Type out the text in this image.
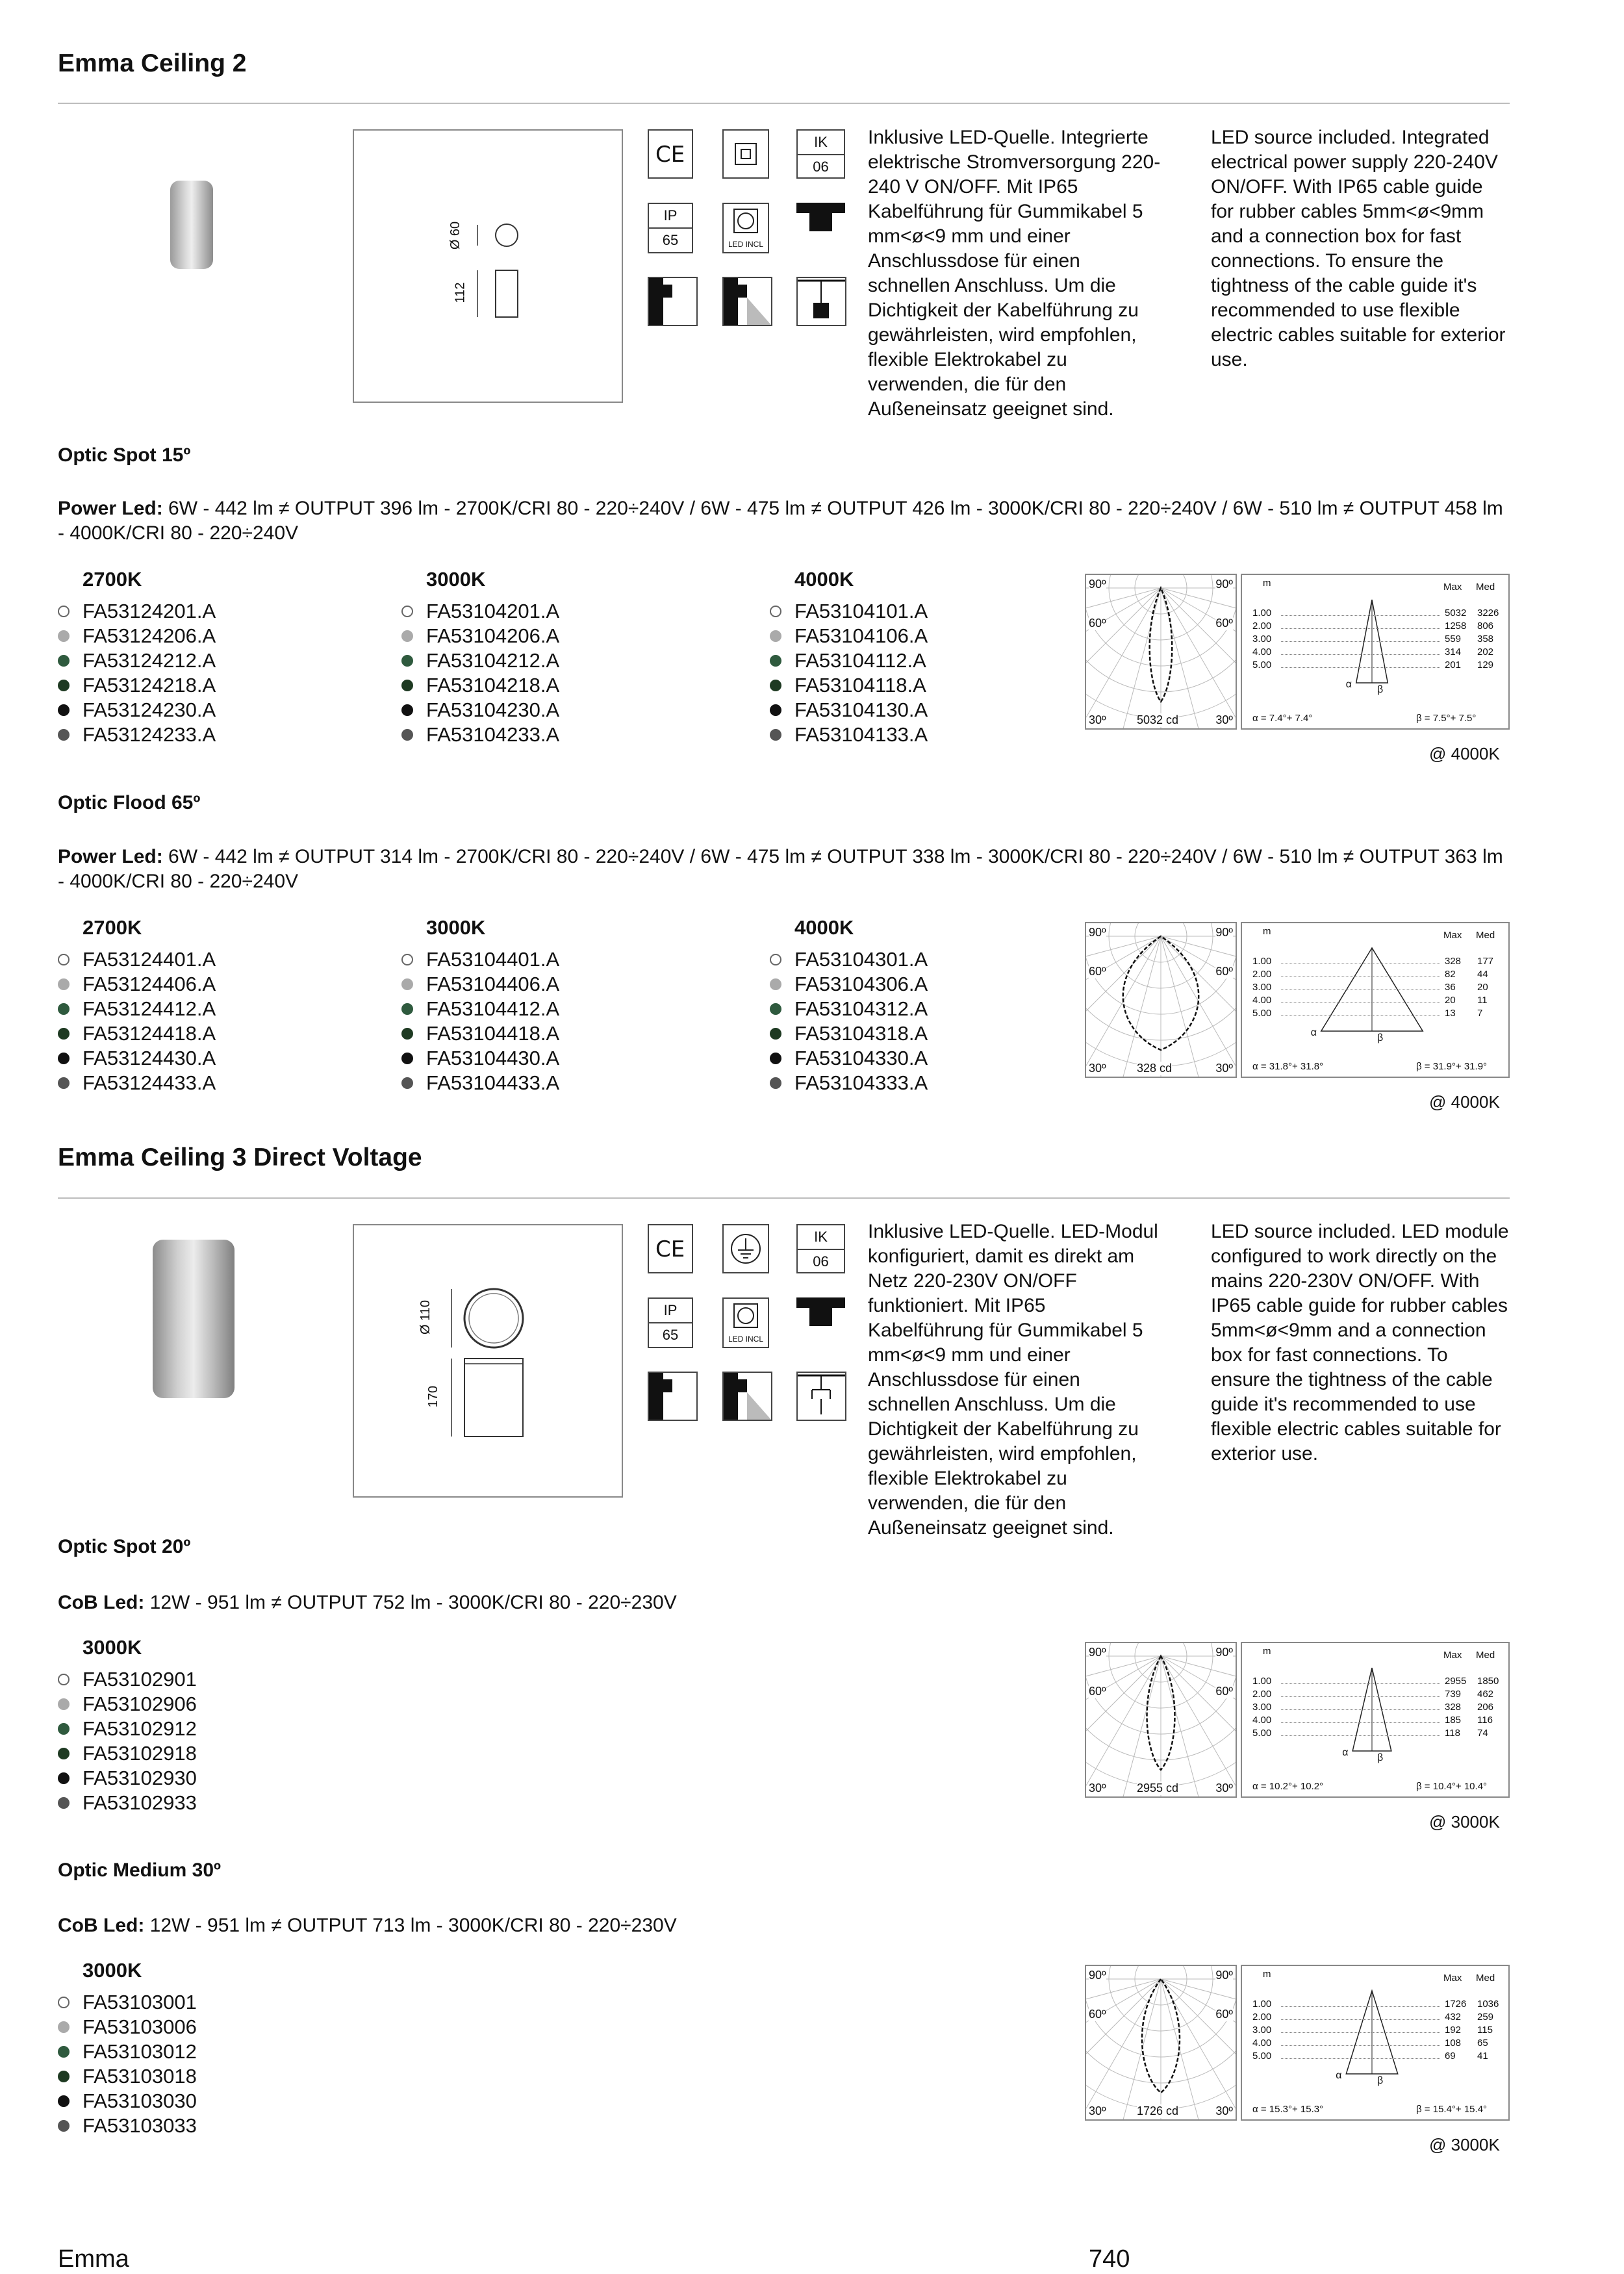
Emma Ceiling 2
Ø 60
112
CE	IK
06
IP
65	LED INCL
Inklusive LED-Quelle. Integrierte elektrische Stromversorgung 220-240 V ON/OFF. Mit IP65 Kabelführung für Gummikabel 5 mm<ø<9 mm und einer Anschlussdose für einen schnellen Anschluss. Um die Dichtigkeit der Kabelführung zu gewährleisten, wird empfohlen, flexible Elektrokabel zu verwenden, die für den Außeneinsatz geeignet sind.
LED source included. Integrated electrical power supply 220-240V ON/OFF. With IP65 cable guide for rubber cables 5mm<ø<9mm and a connection box for fast connections. To ensure the tightness of the cable guide it's recommended to use flexible electric cables suitable for exterior use.
Optic Spot 15º
Power Led: 6W - 442 lm ≠ OUTPUT 396 lm - 2700K/CRI 80 - 220÷240V / 6W - 475 lm ≠ OUTPUT 426 lm - 3000K/CRI 80 - 220÷240V / 6W - 510 lm ≠ OUTPUT 458 lm - 4000K/CRI 80 - 220÷240V
Optic Flood 65º
Power Led: 6W - 442 lm ≠ OUTPUT 314 lm - 2700K/CRI 80 - 220÷240V / 6W - 475 lm ≠ OUTPUT 338 lm - 3000K/CRI 80 - 220÷240V / 6W - 510 lm ≠ OUTPUT 363 lm - 4000K/CRI 80 - 220÷240V
Emma Ceiling 3 Direct Voltage
Ø 110
170
CE	IK
06
IP
65	LED INCL
Inklusive LED-Quelle. LED-Modul konfiguriert, damit es direkt am Netz 220-230V ON/OFF funktioniert. Mit IP65 Kabelführung für Gummikabel 5 mm<ø<9 mm und einer Anschlussdose für einen schnellen Anschluss. Um die Dichtigkeit der Kabelführung zu gewährleisten, wird empfohlen, flexible Elektrokabel zu verwenden, die für den Außeneinsatz geeignet sind.
LED source included. LED module configured to work directly on the mains 220-230V ON/OFF. With IP65 cable guide for rubber cables 5mm<ø<9mm and a connection box for fast connections. To ensure the tightness of the cable guide it's recommended to use flexible electric cables suitable for exterior use.
Optic Spot 20º
CoB Led: 12W - 951 lm ≠ OUTPUT 752 lm - 3000K/CRI 80 - 220÷230V
Optic Medium 30º
CoB Led: 12W - 951 lm ≠ OUTPUT 713 lm - 3000K/CRI 80 - 220÷230V
Emma	740
2700K
FA53124201.A
FA53124206.A
FA53124212.A
FA53124218.A
FA53124230.A
FA53124233.A
3000K
FA53104201.A
FA53104206.A
FA53104212.A
FA53104218.A
FA53104230.A
FA53104233.A
4000K
FA53104101.A
FA53104106.A
FA53104112.A
FA53104118.A
FA53104130.A
FA53104133.A
2700K
FA53124401.A
FA53124406.A
FA53124412.A
FA53124418.A
FA53124430.A
FA53124433.A
3000K
FA53104401.A
FA53104406.A
FA53104412.A
FA53104418.A
FA53104430.A
FA53104433.A
4000K
FA53104301.A
FA53104306.A
FA53104312.A
FA53104318.A
FA53104330.A
FA53104333.A
3000K
FA53102901
FA53102906
FA53102912
FA53102918
FA53102930
FA53102933
3000K
FA53103001
FA53103006
FA53103012
FA53103018
FA53103030
FA53103033
90º	90º
60º	60º
30º	30º
5032 cd
m	Max Med
1.00	5032 3226
2.00	1258 806
3.00	559 358
4.00	314 202
5.00	201 129
α β
α = 7.4°+ 7.4°	β = 7.5°+ 7.5°
@ 4000K
90º	90º
60º	60º
30º	30º
328 cd
m	Max Med
1.00	328 177
2.00	82 44
3.00	36 20
4.00	20 11
5.00	13 7
α	β
α = 31.8°+ 31.8°	β = 31.9°+ 31.9°
@ 4000K
90º	90º
60º	60º
30º	30º
2955 cd
m	Max Med
1.00	2955 1850
2.00	739 462
3.00	328 206
4.00	185 116
5.00	118 74
α	β
α = 10.2°+ 10.2°	β = 10.4°+ 10.4°
@ 3000K
90º	90º
60º	60º
30º	30º
1726 cd
m	Max Med
1.00	1726 1036
2.00	432 259
3.00	192 115
4.00	108 65
5.00	69 41
α	β
α = 15.3°+ 15.3°	β = 15.4°+ 15.4°
@ 3000K
